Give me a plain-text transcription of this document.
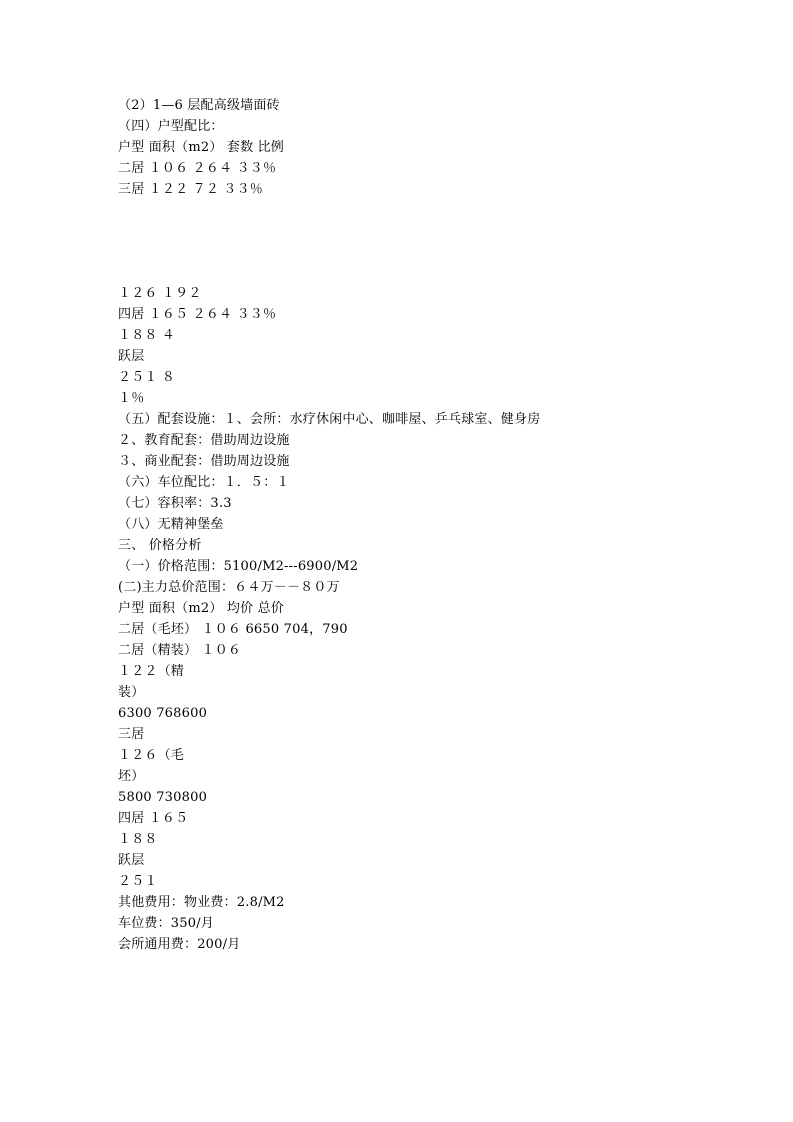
（2）1—6 层配高级墙面砖
（四）户型配比：
户型 面积（m2） 套数 比例
二居 １０６ ２６４ ３３％
三居 １２２ ７２ ３３％
１２６ １９２
四居 １６５ ２６４ ３３％
１８８ ４
跃层
２５１ ８
１％
（五）配套设施：１、会所：水疗休闲中心、咖啡屋、乒乓球室、健身房
２、教育配套：借助周边设施
３、商业配套：借助周边设施
（六）车位配比：１．５：１
（七）容积率：3.3
（八）无精神堡垒
三、 价格分析
（一）价格范围：5100/M2---6900/M2
(二)主力总价范围：６４万－－８０万
户型 面积（m2） 均价 总价
二居（毛坯） １０６ 6650 704，790
二居（精装） １０６
１２２（精
装）
6300 768600
三居
１２６（毛
坯）
5800 730800
四居 １６５
１８８
跃层
２５１
其他费用：物业费：2.8/M2
车位费：350/月
会所通用费：200/月
